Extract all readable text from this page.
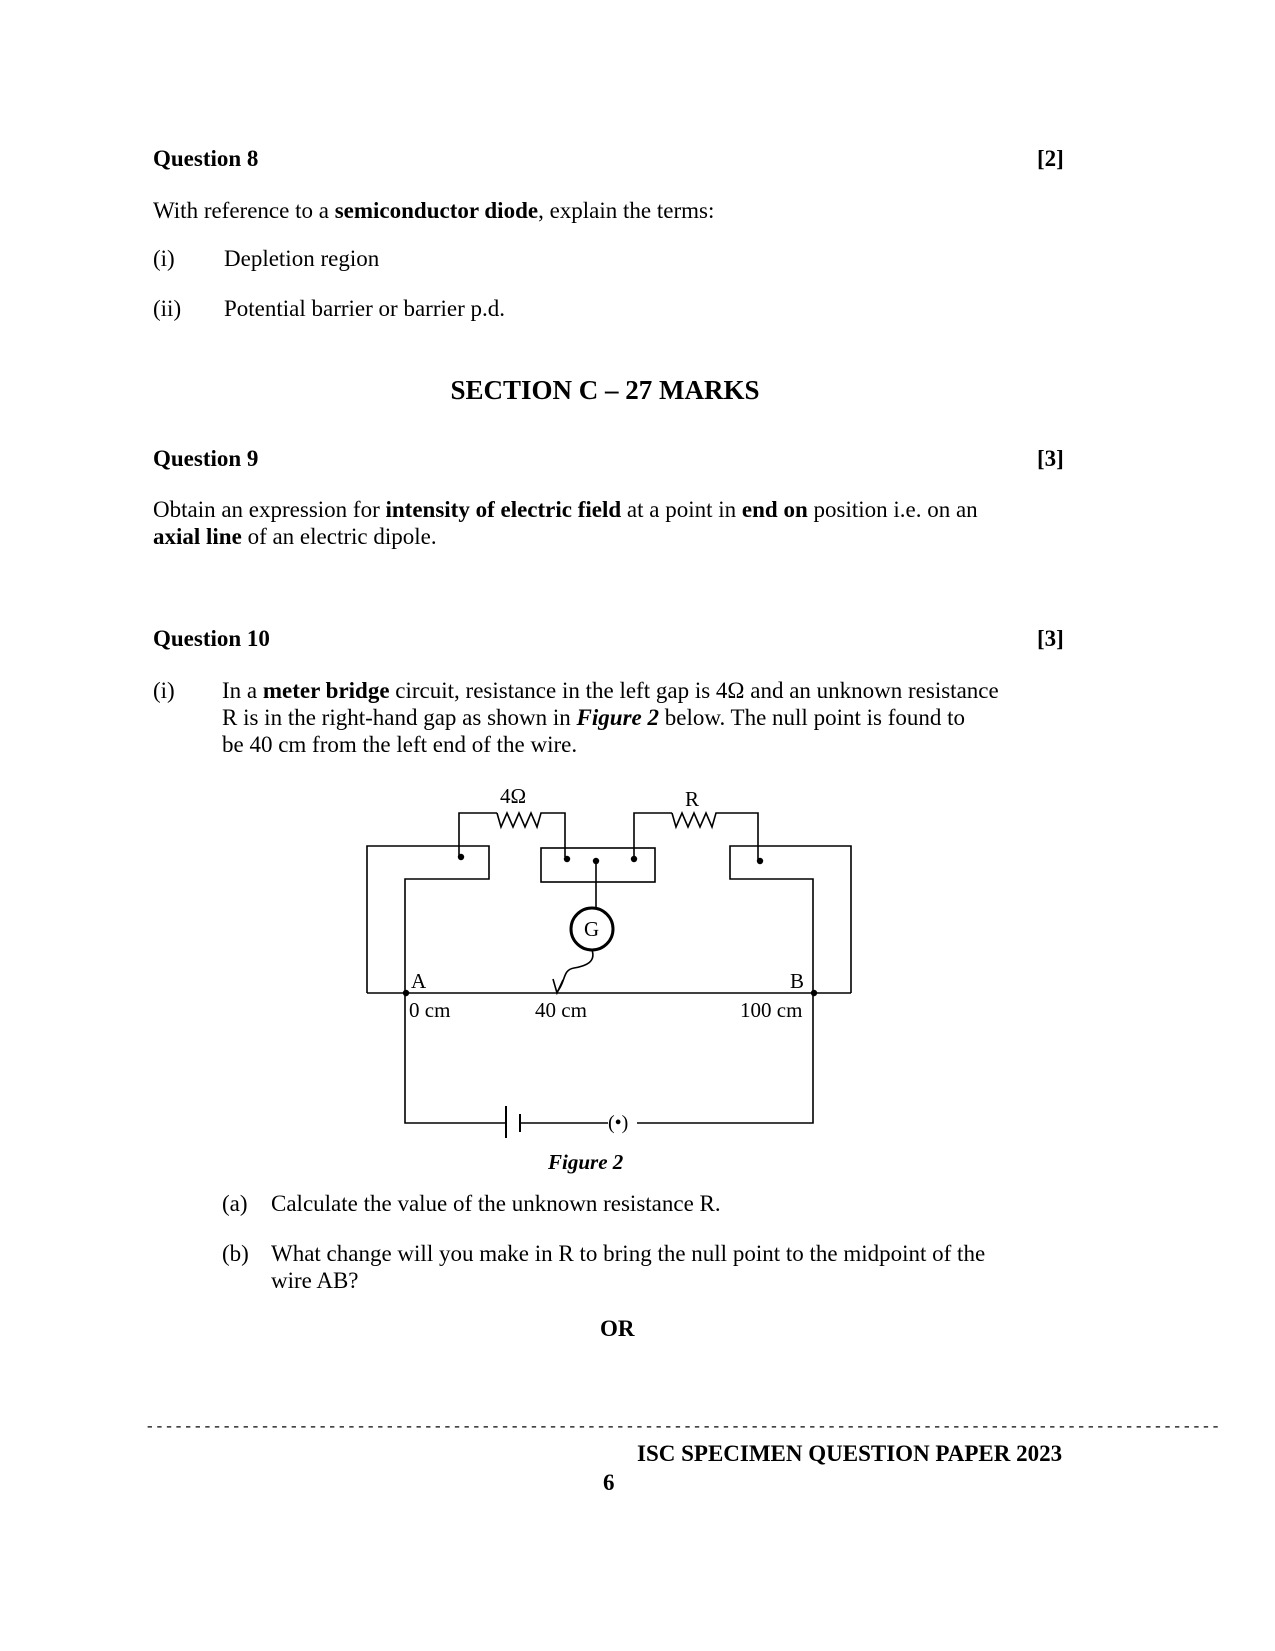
Question 8	[2]
With reference to a semiconductor diode, explain the terms:
(i) Depletion region
(ii) Potential barrier or barrier p.d.
SECTION C – 27 MARKS
Question 9	[3]
Obtain an expression for intensity of electric field at a point in end on position i.e. on an
axial line of an electric dipole.
Question 10	[3]
(i) In a meter bridge circuit, resistance in the left gap is 4Ω and an unknown resistance
R is in the right-hand gap as shown in Figure 2 below. The null point is found to
be 40 cm from the left end of the wire.
4Ω	R
G
A	B
0 cm	40 cm	100 cm
(•)
Figure 2
(a) Calculate the value of the unknown resistance R.
(b) What change will you make in R to bring the null point to the midpoint of the
wire AB?
OR
----------------------------------------------------------------------------------------------------------------
ISC SPECIMEN QUESTION PAPER 2023
6
